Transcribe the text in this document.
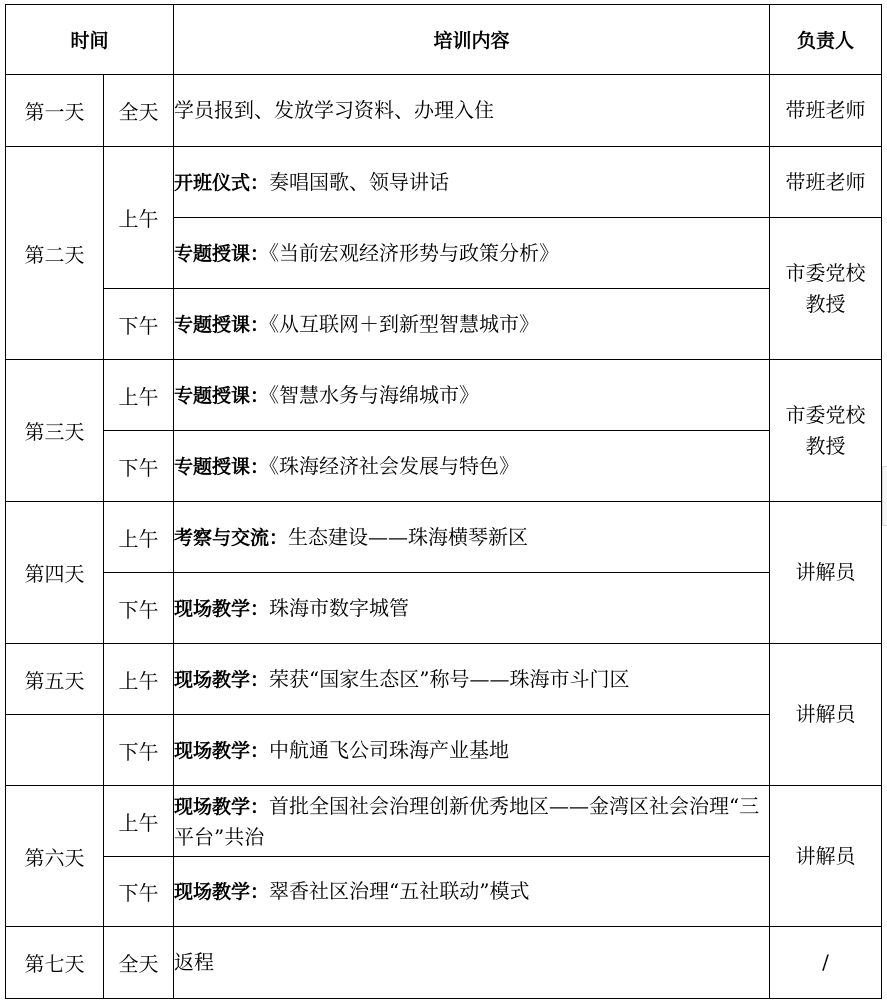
时间		培训内容	负责人
第一天	全天	学员报到、发放学习资料、办理入住	带班老师
第二天	上午	开班仪式：奏唱国歌、领导讲话	带班老师
		专题授课：《当前宏观经济形势与政策分析》	市委党校
教授

	下午	专题授课：《从互联网＋到新型智慧城市》	
第三天	上午	专题授课：《智慧水务与海绵城市》	市委党校
教授

	下午	专题授课：《珠海经济社会发展与特色》	
第四天	上午	考察与交流：生态建设——珠海横琴新区	讲解员
	下午	现场教学：珠海市数字城管	
第五天	上午	现场教学：荣获“国家生态区”称号——珠海市斗门区	讲解员
	下午	现场教学：中航通飞公司珠海产业基地	
第六天	上午	现场教学：首批全国社会治理创新优秀地区——金湾区社会治理“三平台”共治	讲解员
	下午	现场教学：翠香社区治理“五社联动”模式	
第七天	全天	返程	/
